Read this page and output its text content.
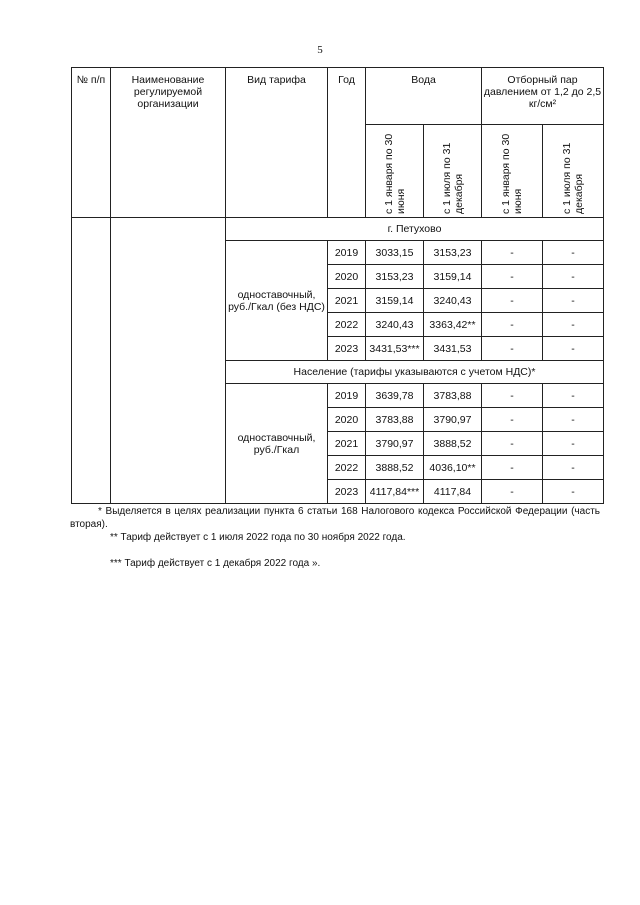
5
№ п/п	Наименование регулируемой организации	Вид тарифа	Год	Вода		Отборный пар давлением от 1,2 до 2,5 кг/см²	

				с 1 января по 30 июня	с 1 июля по 31 декабря	с 1 января по 30 июня	с 1 июля по 31 декабря

		г. Петухово					
		одноставочный, руб./Гкал (без НДС)	2019	3033,15	3153,23	-	-
			2020	3153,23	3159,14	-	-
			2021	3159,14	3240,43	-	-
			2022	3240,43	3363,42**	-	-
			2023	3431,53***	3431,53	-	-
		Население (тарифы указываются с учетом НДС)*					
		одноставочный, руб./Гкал	2019	3639,78	3783,88	-	-
			2020	3783,88	3790,97	-	-
			2021	3790,97	3888,52	-	-
			2022	3888,52	4036,10**	-	-
			2023	4117,84***	4117,84	-	-

* Выделяется в целях реализации пункта 6 статьи 168 Налогового кодекса Российской Федерации (часть вторая).

** Тариф действует с 1 июля 2022 года по 30 ноября 2022 года.

*** Тариф действует с 1 декабря 2022 года ».
